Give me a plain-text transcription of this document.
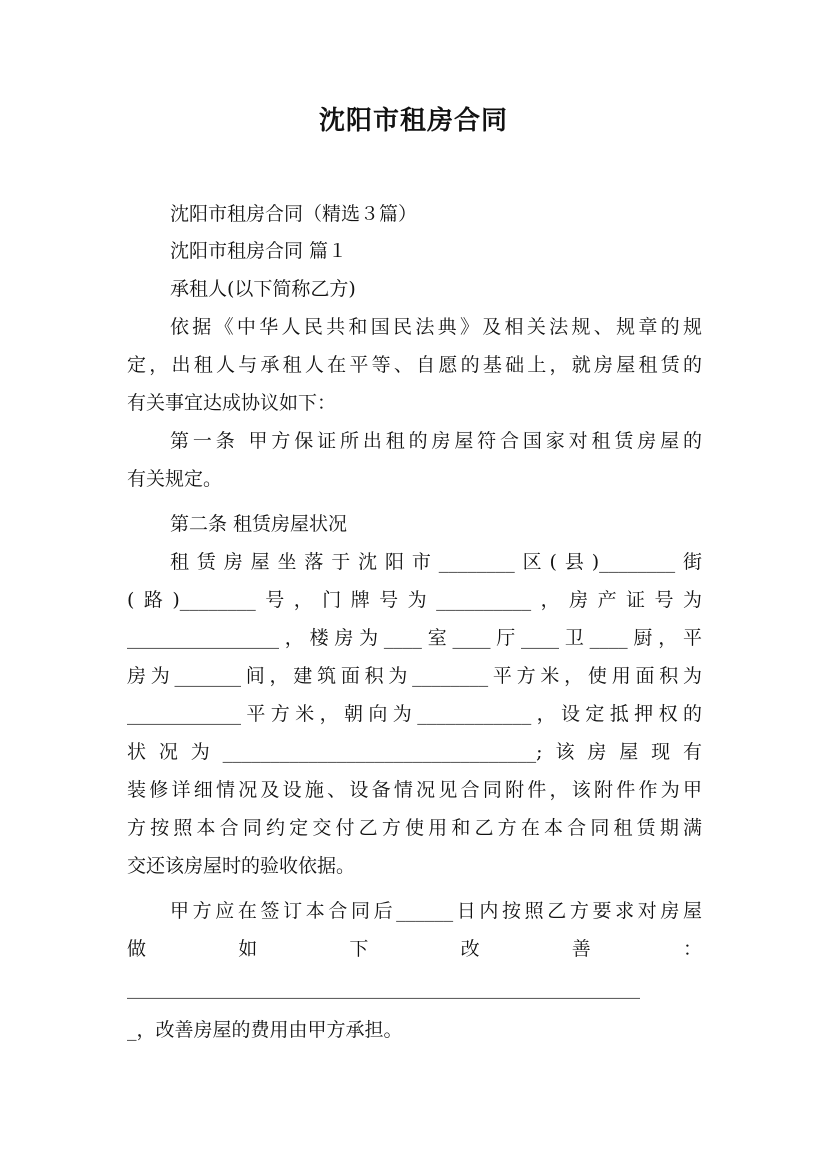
沈阳市租房合同

沈阳市租房合同（精选３篇）

沈阳市租房合同 篇１

承租人(以下简称乙方)

依据《中华人民共和国民法典》及相关法规、规章的规

定，出租人与承租人在平等、自愿的基础上，就房屋租赁的

有关事宜达成协议如下：

第一条 甲方保证所出租的房屋符合国家对租赁房屋的

有关规定。

第二条 租赁房屋状况

租赁房屋坐落于沈阳市________区(县)________街

(路)________号，门牌号为__________，房产证号为

________________，楼房为____室____厅____卫____厨，平

房为_______间，建筑面积为________平方米，使用面积为

____________平方米，朝向为____________，设定抵押权的

状况为_________________________________;该房屋现有

装修详细情况及设施、设备情况见合同附件，该附件作为甲

方按照本合同约定交付乙方使用和乙方在本合同租赁期满

交还该房屋时的验收依据。

甲方应在签订本合同后______日内按照乙方要求对房屋

做	如	下	改	善	：

______________________________________________________

_，改善房屋的费用由甲方承担。
